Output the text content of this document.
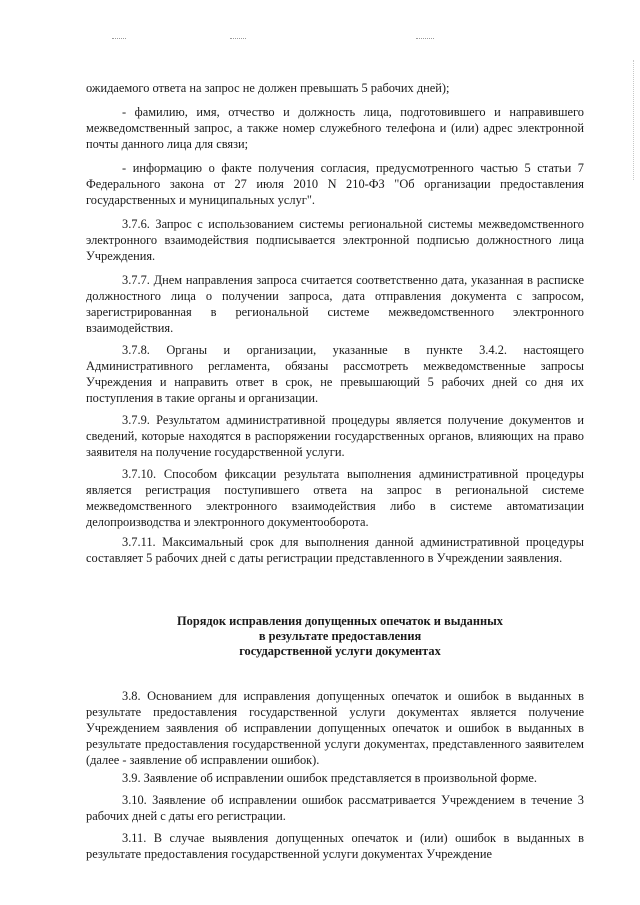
ожидаемого ответа на запрос не должен превышать 5 рабочих дней);

- фамилию, имя, отчество и должность лица, подготовившего и направившего межведомственный запрос, а также номер служебного телефона и (или) адрес электронной почты данного лица для связи;

- информацию о факте получения согласия, предусмотренного частью 5 статьи 7 Федерального закона от 27 июля 2010 N 210-ФЗ "Об организации предоставления государственных и муниципальных услуг".

3.7.6. Запрос с использованием системы региональной системы межведомственного электронного взаимодействия подписывается электронной подписью должностного лица Учреждения.

3.7.7. Днем направления запроса считается соответственно дата, указанная в расписке должностного лица о получении запроса, дата отправления документа с запросом, зарегистрированная в региональной системе межведомственного электронного взаимодействия.

3.7.8. Органы и организации, указанные в пункте 3.4.2. настоящего Административного регламента, обязаны рассмотреть межведомственные запросы Учреждения и направить ответ в срок, не превышающий 5 рабочих дней со дня их поступления в такие органы и организации.

3.7.9. Результатом административной процедуры является получение документов и сведений, которые находятся в распоряжении государственных органов, влияющих на право заявителя на получение государственной услуги.

3.7.10. Способом фиксации результата выполнения административной процедуры является регистрация поступившего ответа на запрос в региональной системе межведомственного электронного взаимодействия либо в системе автоматизации делопроизводства и электронного документооборота.

3.7.11. Максимальный срок для выполнения данной административной процедуры составляет 5 рабочих дней с даты регистрации представленного в Учреждении заявления.

Порядок исправления допущенных опечаток и выданных

в результате предоставления

государственной услуги документах

3.8. Основанием для исправления допущенных опечаток и ошибок в выданных в результате предоставления государственной услуги документах является получение Учреждением заявления об исправлении допущенных опечаток и ошибок в выданных в результате предоставления государственной услуги документах, представленного заявителем (далее - заявление об исправлении ошибок).

3.9. Заявление об исправлении ошибок представляется в произвольной форме.

3.10. Заявление об исправлении ошибок рассматривается Учреждением в течение 3 рабочих дней с даты его регистрации.

3.11. В случае выявления допущенных опечаток и (или) ошибок в выданных в результате предоставления государственной услуги документах Учреждение
